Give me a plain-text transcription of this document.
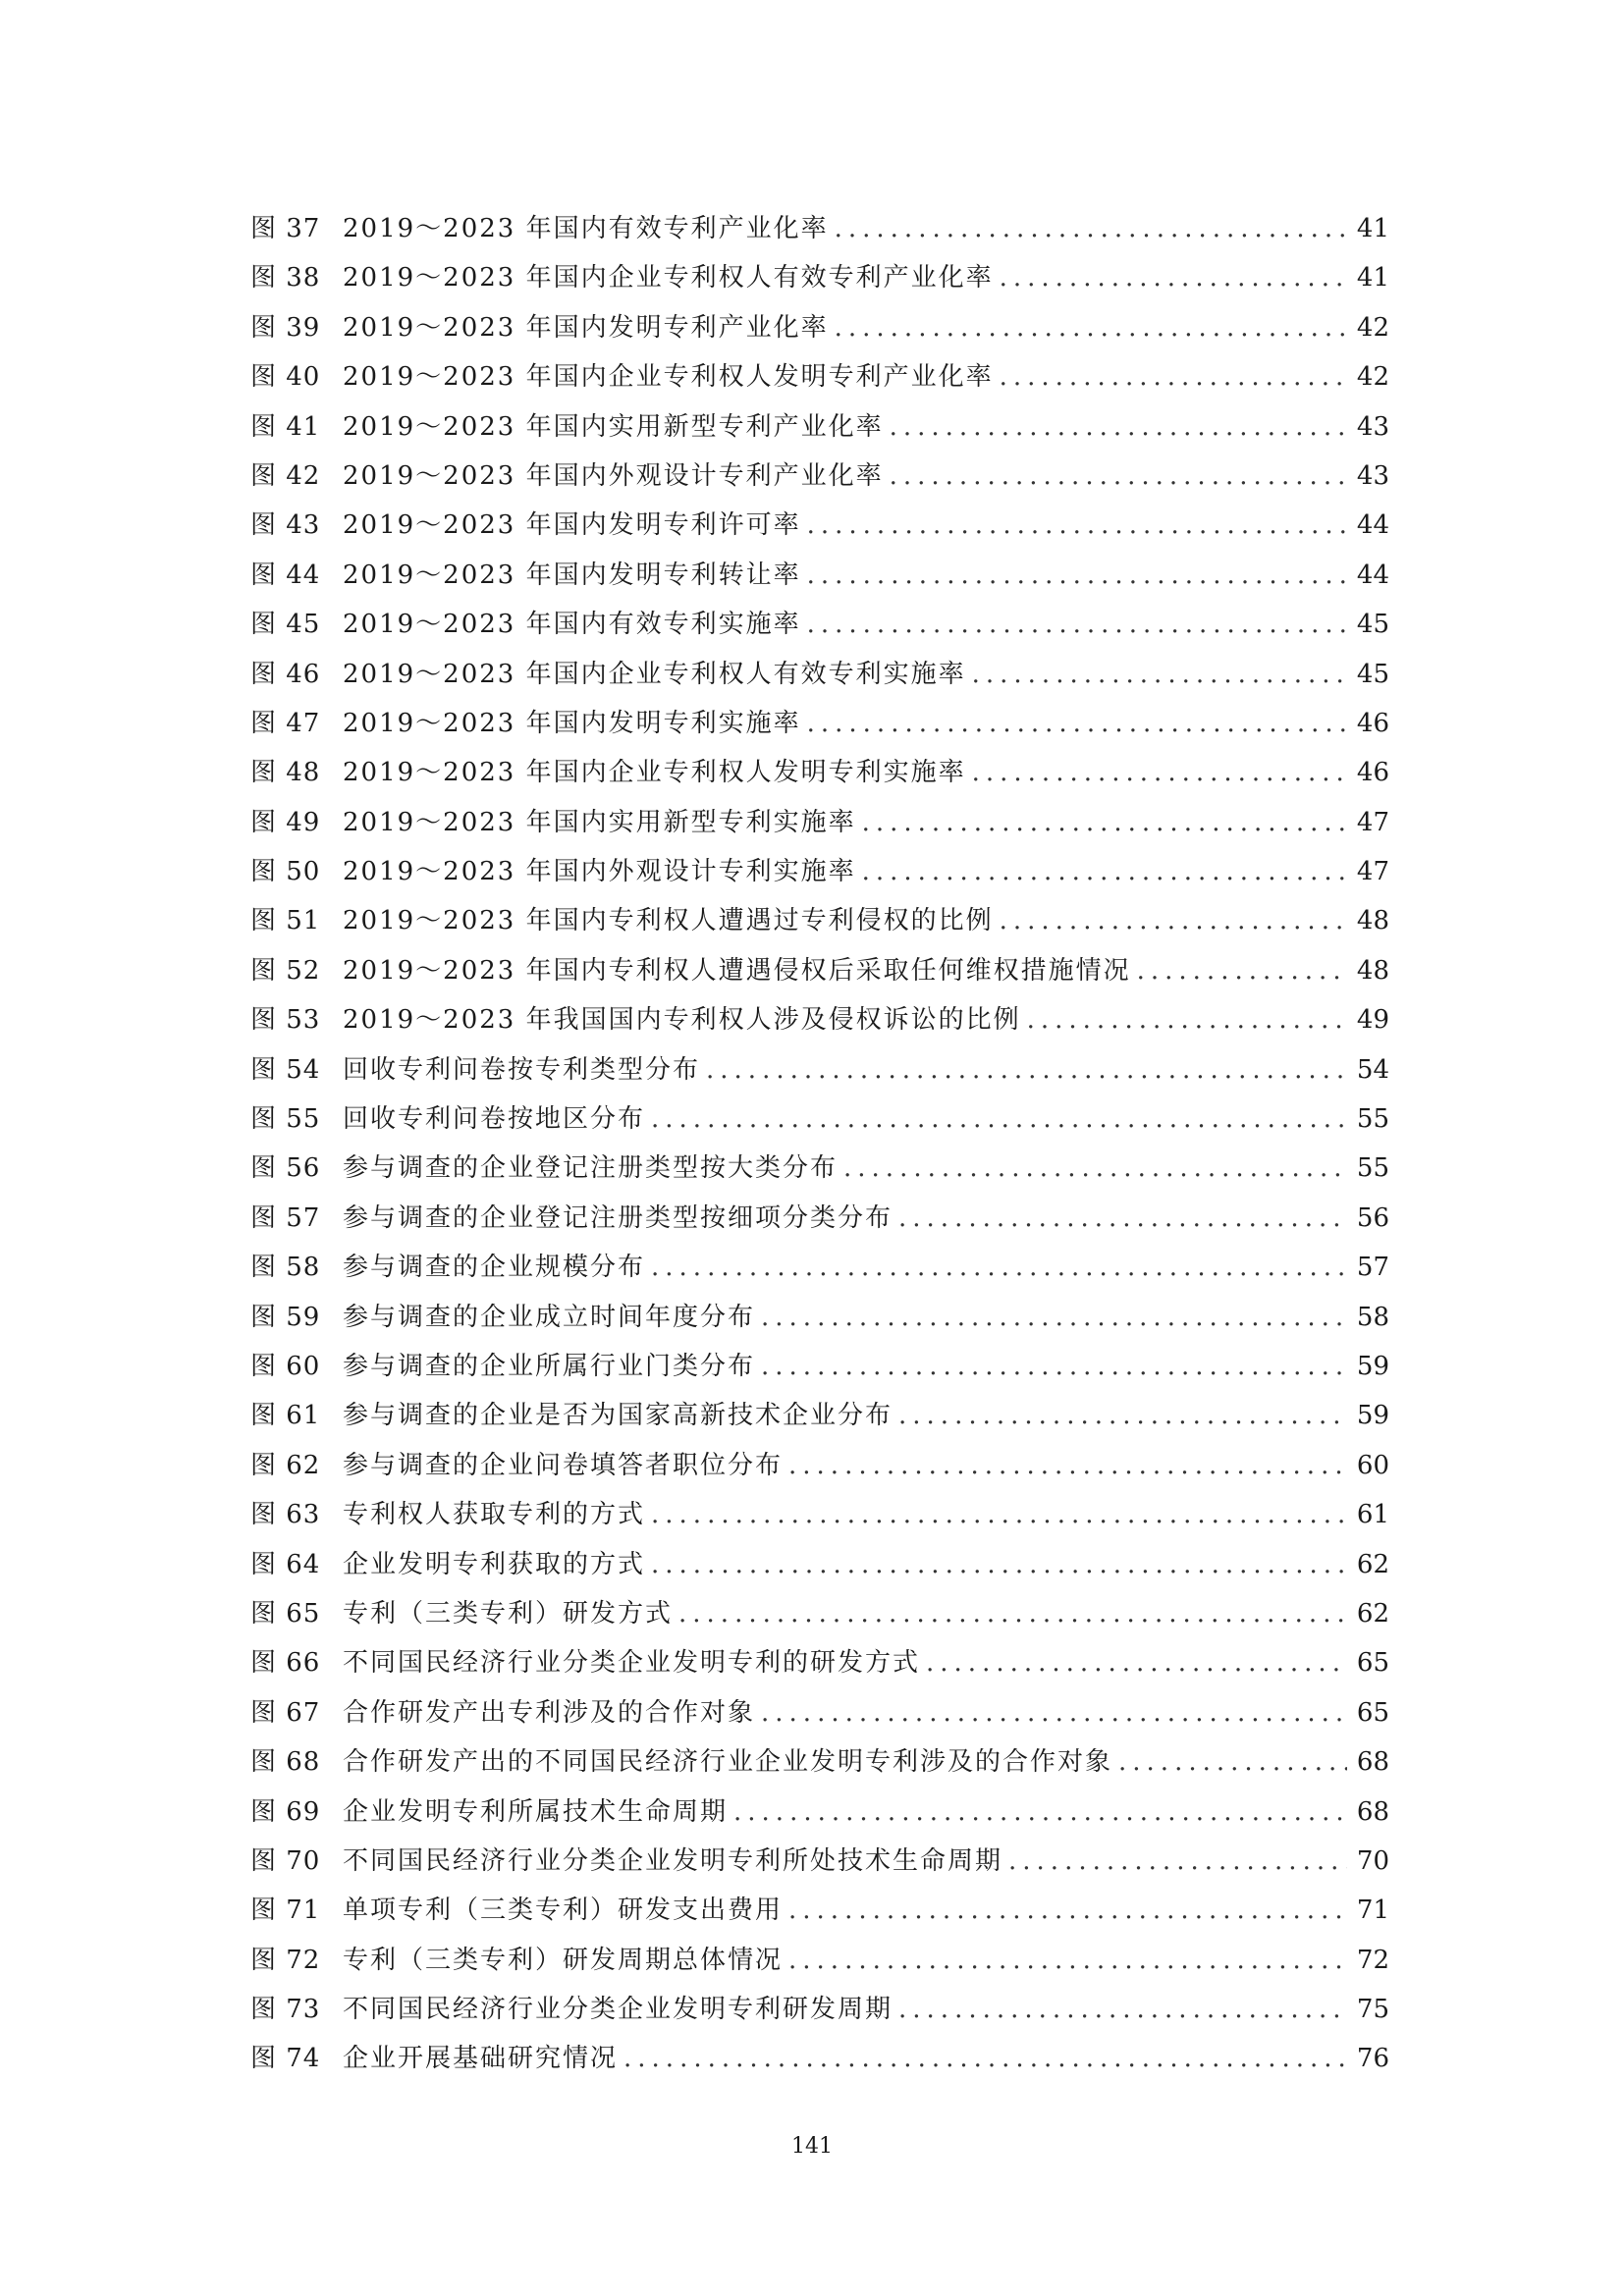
图 37 2019～2023 年国内有效专利产业化率 .....	41
图 38 2019～2023 年国内企业专利权人有效专利产业化率 .....	41
图 39 2019～2023 年国内发明专利产业化率 .....	42
图 40 2019～2023 年国内企业专利权人发明专利产业化率 .....	42
图 41 2019～2023 年国内实用新型专利产业化率 .....	43
图 42 2019～2023 年国内外观设计专利产业化率 .....	43
图 43 2019～2023 年国内发明专利许可率 .....	44
图 44 2019～2023 年国内发明专利转让率 .....	44
图 45 2019～2023 年国内有效专利实施率 .....	45
图 46 2019～2023 年国内企业专利权人有效专利实施率 .....	45
图 47 2019～2023 年国内发明专利实施率 .....	46
图 48 2019～2023 年国内企业专利权人发明专利实施率 .....	46
图 49 2019～2023 年国内实用新型专利实施率 .....	47
图 50 2019～2023 年国内外观设计专利实施率 .....	47
图 51 2019～2023 年国内专利权人遭遇过专利侵权的比例 .....	48
图 52 2019～2023 年国内专利权人遭遇侵权后采取任何维权措施情况 .....	48
图 53 2019～2023 年我国国内专利权人涉及侵权诉讼的比例 .....	49
图 54 回收专利问卷按专利类型分布 .....	54
图 55 回收专利问卷按地区分布 .....	55
图 56 参与调查的企业登记注册类型按大类分布 .....	55
图 57 参与调查的企业登记注册类型按细项分类分布 .....	56
图 58 参与调查的企业规模分布 .....	57
图 59 参与调查的企业成立时间年度分布 .....	58
图 60 参与调查的企业所属行业门类分布 .....	59
图 61 参与调查的企业是否为国家高新技术企业分布 .....	59
图 62 参与调查的企业问卷填答者职位分布 .....	60
图 63 专利权人获取专利的方式 .....	61
图 64 企业发明专利获取的方式 .....	62
图 65 专利（三类专利）研发方式 .....	62
图 66 不同国民经济行业分类企业发明专利的研发方式 .....	65
图 67 合作研发产出专利涉及的合作对象 .....	65
图 68 合作研发产出的不同国民经济行业企业发明专利涉及的合作对象 .....	68
图 69 企业发明专利所属技术生命周期 .....	68
图 70 不同国民经济行业分类企业发明专利所处技术生命周期 .....	70
图 71 单项专利（三类专利）研发支出费用 .....	71
图 72 专利（三类专利）研发周期总体情况 .....	72
图 73 不同国民经济行业分类企业发明专利研发周期 .....	75
图 74 企业开展基础研究情况 .....	76
141
